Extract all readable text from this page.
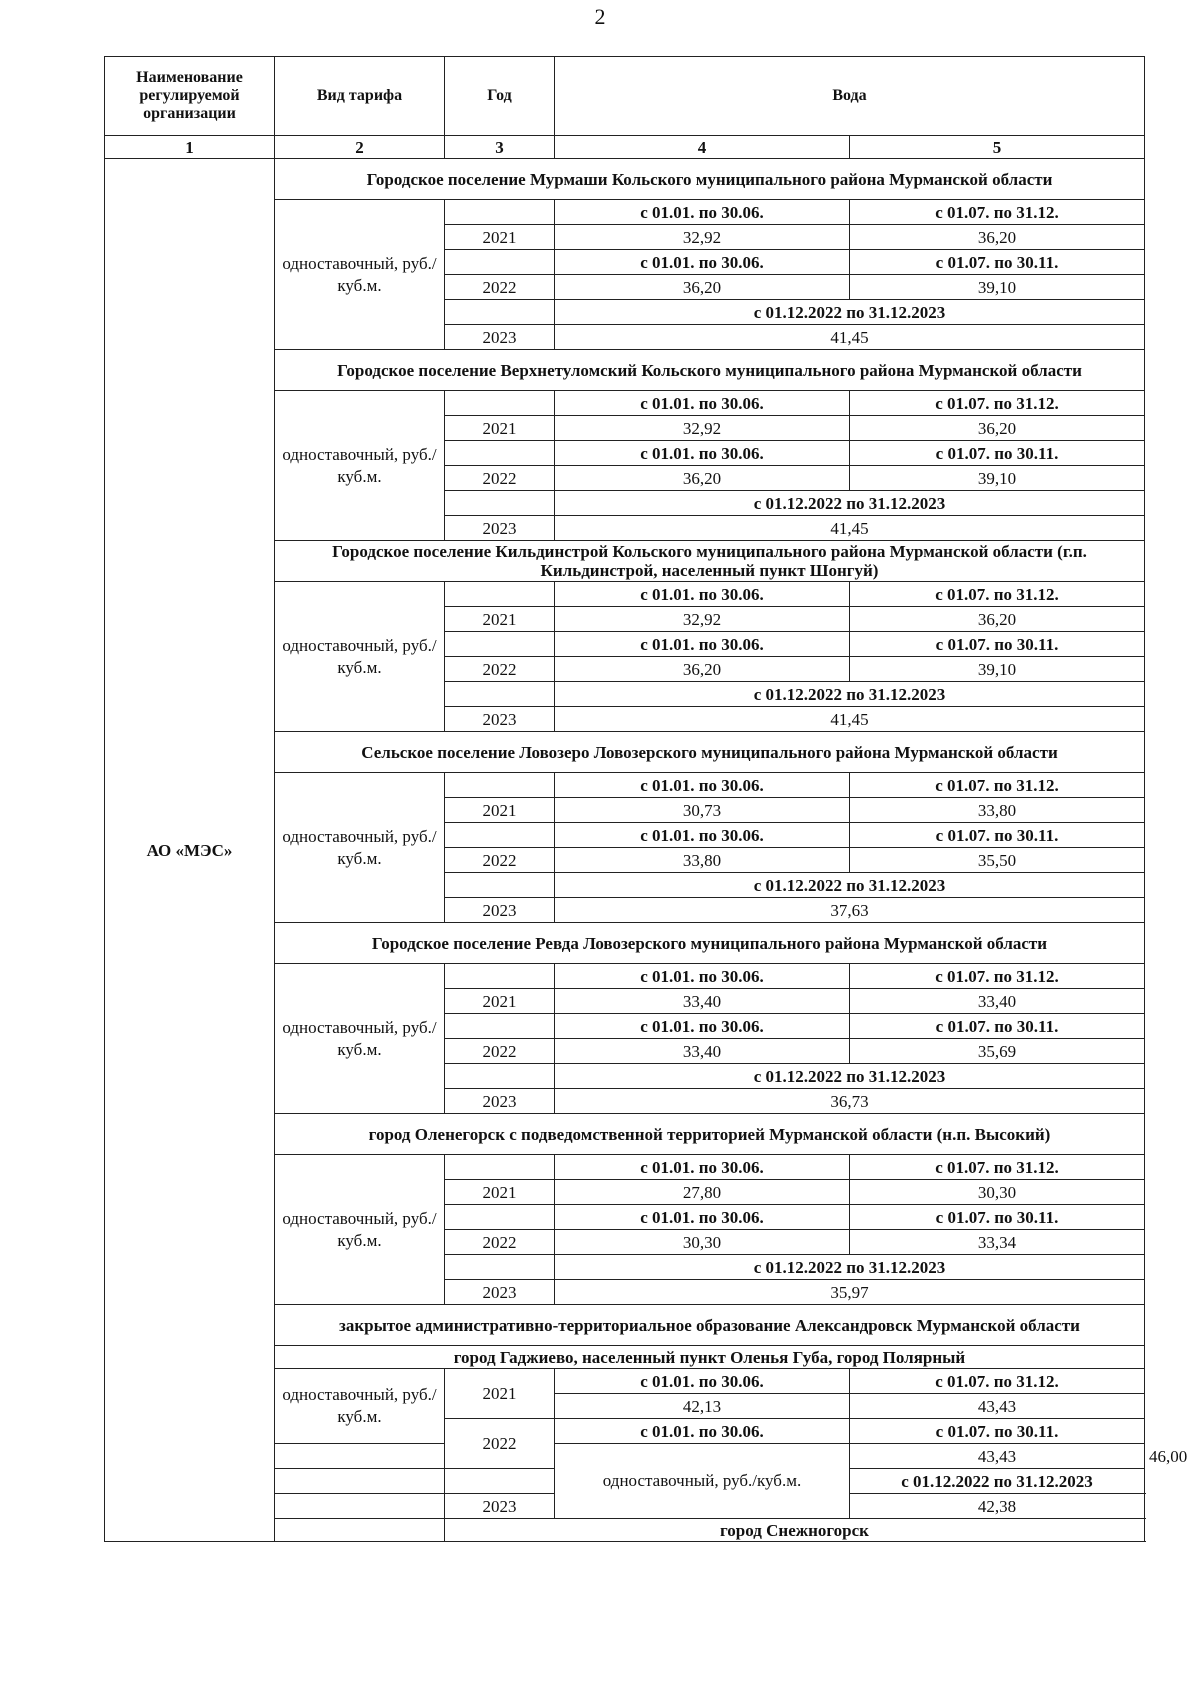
2
Наименование регулируемой организации	Вид тарифа	Год	Вода		
1	2	3	4	5	
АО «МЭС»	Городское поселение Мурмаши Кольского муниципального района Мурманской области				
	одноставочный, руб./куб.м.		с 01.01. по 30.06.	с 01.07. по 31.12.	
		2021	32,92	36,20	
			с 01.01. по 30.06.	с 01.07. по 30.11.	
		2022	36,20	39,10	
			с 01.12.2022 по 31.12.2023		
		2023	41,45		
	Городское поселение Верхнетуломский Кольского муниципального района Мурманской области				
	одноставочный, руб./куб.м.		с 01.01. по 30.06.	с 01.07. по 31.12.	
		2021	32,92	36,20	
			с 01.01. по 30.06.	с 01.07. по 30.11.	
		2022	36,20	39,10	
			с 01.12.2022 по 31.12.2023		
		2023	41,45		
	Городское поселение Кильдинстрой Кольского муниципального района Мурманской области (г.п. Кильдинстрой, населенный пункт Шонгуй)				
	одноставочный, руб./куб.м.		с 01.01. по 30.06.	с 01.07. по 31.12.	
		2021	32,92	36,20	
			с 01.01. по 30.06.	с 01.07. по 30.11.	
		2022	36,20	39,10	
			с 01.12.2022 по 31.12.2023		
		2023	41,45		
	Сельское поселение Ловозеро Ловозерского муниципального района Мурманской области				
	одноставочный, руб./куб.м.		с 01.01. по 30.06.	с 01.07. по 31.12.	
		2021	30,73	33,80	
			с 01.01. по 30.06.	с 01.07. по 30.11.	
		2022	33,80	35,50	
			с 01.12.2022 по 31.12.2023		
		2023	37,63		
	Городское поселение Ревда Ловозерского муниципального района Мурманской области				
	одноставочный, руб./куб.м.		с 01.01. по 30.06.	с 01.07. по 31.12.	
		2021	33,40	33,40	
			с 01.01. по 30.06.	с 01.07. по 30.11.	
		2022	33,40	35,69	
			с 01.12.2022 по 31.12.2023		
		2023	36,73		
	город Оленегорск с подведомственной территорией Мурманской области (н.п. Высокий)				
	одноставочный, руб./куб.м.		с 01.01. по 30.06.	с 01.07. по 31.12.	
		2021	27,80	30,30	
			с 01.01. по 30.06.	с 01.07. по 30.11.	
		2022	30,30	33,34	
			с 01.12.2022 по 31.12.2023		
		2023	35,97		
	закрытое административно-территориальное образование Александровск Мурманской области				
	город Гаджиево, населенный пункт Оленья Губа, город Полярный				
	одноставочный, руб./куб.м.	2021	с 01.01. по 30.06.	с 01.07. по 31.12.	
			42,13	43,43	
		2022	с 01.01. по 30.06.	с 01.07. по 30.11.	
			одноставочный, руб./куб.м.	43,43	46,00
				с 01.12.2022 по 31.12.2023	
		2023		42,38	
		город Снежногорск			
